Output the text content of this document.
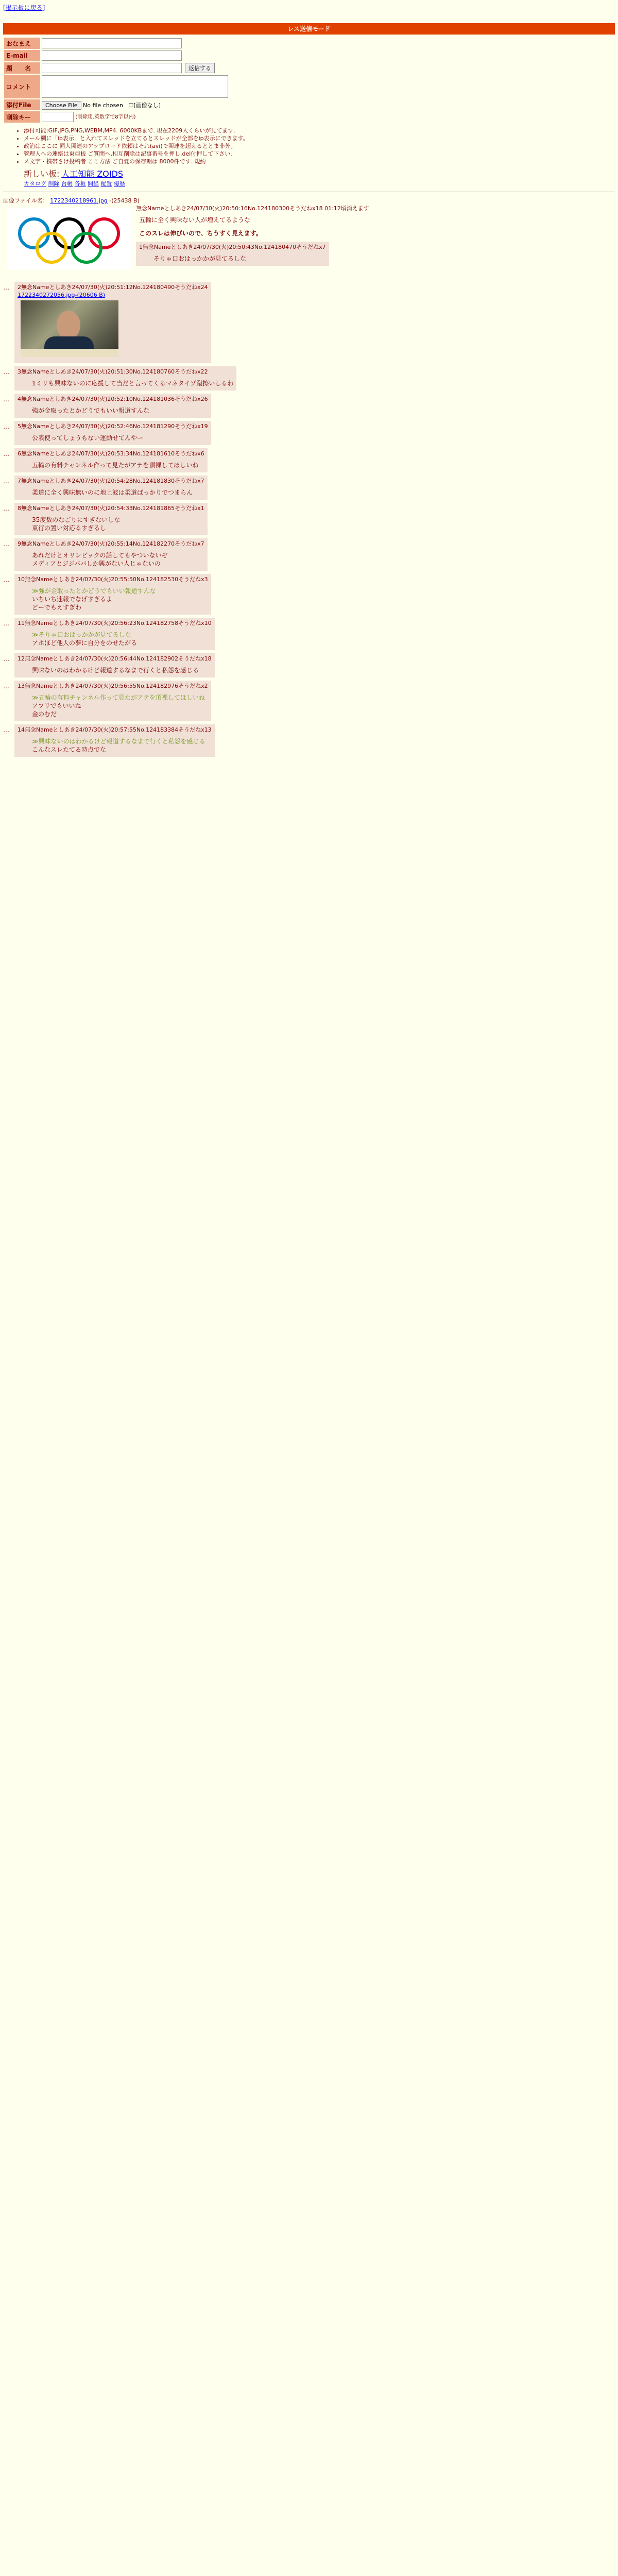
[掲示板に戻る]
レス送信モード
おなまえ	

E-mail	

題　　名	返信する

コメント	

添付File	Choose File No file chosen ☐[画像なし]
削除キー	(削除用.英数字で8字以内)
• 添付可能:GIF,JPG,PNG,WEBM,MP4. 6000KBまで. 現在2209人くらいが見てます.
• メール欄に「ip表示」と入れてスレッドを立てるとスレッドが全部をip表示にできます。
• 政治はここに 同人関連のアップロード依頼はそれ(avi)で関連を超えるととま非外。
• 管理人への連絡は東亜板 ご質問へ,相互削除は記事番号を押し,del付押して下さい.
• ス文字・携帯さけ投稿者 ここ方法 ご自覚の保存期は 8000件です. 規約
新しい板: 人工知能 ZOIDS
カタログ 削除 台帳 各板 問経 配置 優歴
画像ファイル名： 1722340218961.jpg -(25438 B)
無念Nameとしあき24/07/30(火)20:50:16No.124180300そうだねx18 01:12頃消えます
五輪に全く興味ない人が増えてるような
このスレは伸びいので、ちうすく見えます。
1無念Nameとしあき24/07/30(火)20:50:43No.124180470そうだねx7
そりゃ口おはっかかが見てるしな
… 2無念Nameとしあき24/07/30(火)20:51:12No.124180490そうだねx24
1722340272056.jpg-(20606 B)
… 3無念Nameとしあき24/07/30(火)20:51:30No.124180760そうだねx22
1ミリも興味ないのに応援して当だと言ってくるマネタイゾ蹴擦いしるわ
… 4無念Nameとしあき24/07/30(火)20:52:10No.124181036そうだねx26
強が金取ったとかどうでもいい報道すんな
… 5無念Nameとしあき24/07/30(火)20:52:46No.124181290そうだねx19
公表使ってしょうもない運動せてんやー
… 6無念Nameとしあき24/07/30(火)20:53:34No.124181610そうだねx6
五輪の有料チャンネル作って見たがアテを頂裸してほしいね
… 7無念Nameとしあき24/07/30(火)20:54:28No.124181830そうだねx7
柔道に全く興味無いのに地上波は柔道ばっかりでつまらん
… 8無念Nameとしあき24/07/30(火)20:54:33No.124181865そうだねx1
35度数のなごりにすぎないしな
東行の置い対応るすぎるし
… 9無念Nameとしあき24/07/30(火)20:55:14No.124182270そうだねx7
あれだけとオリンピックの話してもやついないぞ
メディアとジジババしか興がない人じゃないの
… 10無念Nameとしあき24/07/30(火)20:55:50No.124182530そうだねx3
≫強が金取ったとかどうでもいい報道すんな
いちいち速報でなげすぎるよ
どーでもえすぎわ
… 11無念Nameとしあき24/07/30(火)20:56:23No.124182758そうだねx10
≫そりゃ口おはっかかが見てるしな
アホほど他人の夢に自分をのせたがる
… 12無念Nameとしあき24/07/30(火)20:56:44No.124182902そうだねx18
興味ないのはわかるけど報道するなまで行くと私怨を感じる
… 13無念Nameとしあき24/07/30(火)20:56:55No.124182976そうだねx2
≫五輪の有料チャンネル作って見たがアテを頂裸してほしいね
アプリでもいいね
金のむだ
… 14無念Nameとしあき24/07/30(火)20:57:55No.124183384そうだねx13
≫興味ないのはわかるけど報道するなまで行くと私怨を感じる
こんなスレたてる時点でな
